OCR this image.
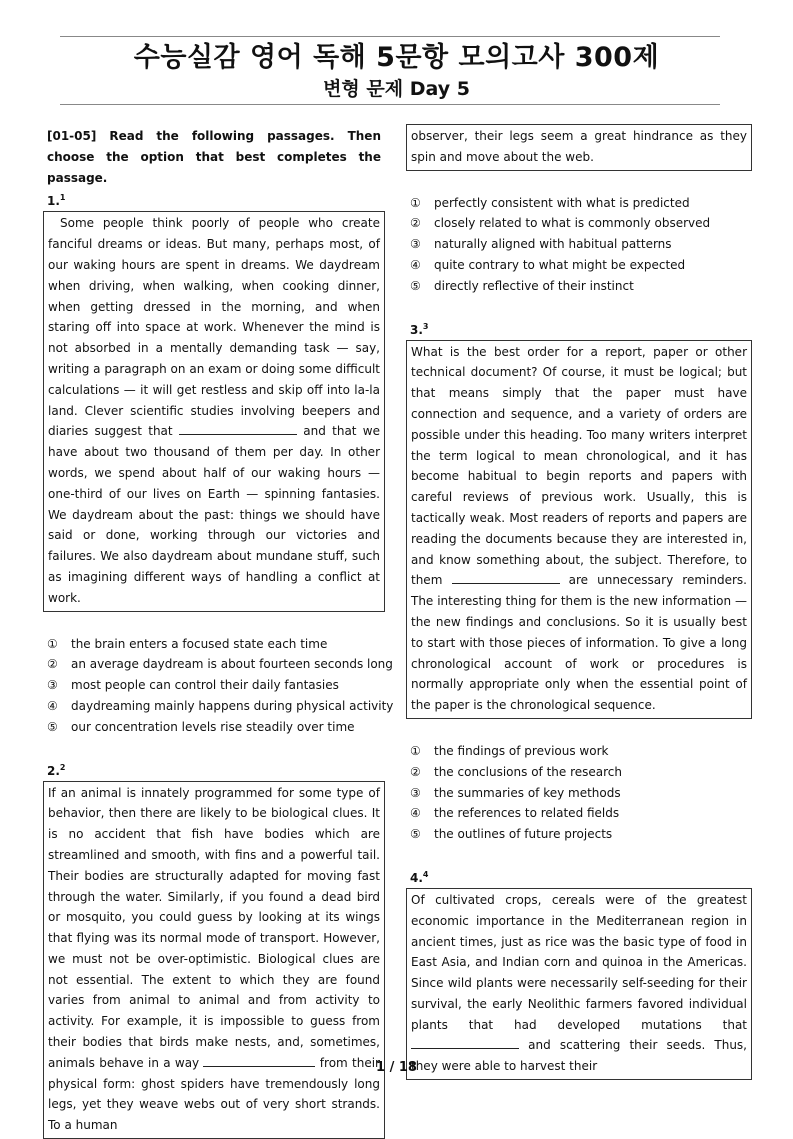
수능실감 영어 독해 5문항 모의고사 300제
변형 문제 Day 5
[01-05] Read the following passages. Then choose the option that best completes the passage.
1.$^1$
Some people think poorly of people who create fanciful dreams or ideas. But many, perhaps most, of our waking hours are spent in dreams. We daydream when driving, when walking, when cooking dinner, when getting dressed in the morning, and when staring off into space at work. Whenever the mind is not absorbed in a mentally demanding task — say, writing a paragraph on an exam or doing some difficult calculations — it will get restless and skip off into la-la land. Clever scientific studies involving beepers and diaries suggest that	and that we have about two thousand of them per day. In other words, we spend about half of our waking hours — one-third of our lives on Earth — spinning fantasies. We daydream about the past: things we should have said or done, working through our victories and failures. We also daydream about mundane stuff, such as imagining different ways of handling a conflict at work.
① the brain enters a focused state each time
② an average daydream is about fourteen seconds long
③ most people can control their daily fantasies
④ daydreaming mainly happens during physical activity
⑤ our concentration levels rise steadily over time
2.$^2$
If an animal is innately programmed for some type of behavior, then there are likely to be biological clues. It is no accident that fish have bodies which are streamlined and smooth, with fins and a powerful tail. Their bodies are structurally adapted for moving fast through the water. Similarly, if you found a dead bird or mosquito, you could guess by looking at its wings that flying was its normal mode of transport. However, we must not be over-optimistic. Biological clues are not essential. The extent to which they are found varies from animal to animal and from activity to activity. For example, it is impossible to guess from their bodies that birds make nests, and, sometimes, animals behave in a way	from their physical form: ghost spiders have tremendously long legs, yet they weave webs out of very short strands. To a human
observer, their legs seem a great hindrance as they spin and move about the web.
① perfectly consistent with what is predicted
② closely related to what is commonly observed
③ naturally aligned with habitual patterns
④ quite contrary to what might be expected
⑤ directly reflective of their instinct
3.$^3$
What is the best order for a report, paper or other technical document? Of course, it must be logical; but that means simply that the paper must have connection and sequence, and a variety of orders are possible under this heading. Too many writers interpret the term logical to mean chronological, and it has become habitual to begin reports and papers with careful reviews of previous work. Usually, this is tactically weak. Most readers of reports and papers are reading the documents because they are interested in, and know something about, the subject. Therefore, to them	are unnecessary reminders. The interesting thing for them is the new information — the new findings and conclusions. So it is usually best to start with those pieces of information. To give a long chronological account of work or procedures is normally appropriate only when the essential point of the paper is the chronological sequence.
① the findings of previous work
② the conclusions of the research
③ the summaries of key methods
④ the references to related fields
⑤ the outlines of future projects
4.$^4$
Of cultivated crops, cereals were of the greatest economic importance in the Mediterranean region in ancient times, just as rice was the basic type of food in East Asia, and Indian corn and quinoa in the Americas. Since wild plants were necessarily self-seeding for their survival, the early Neolithic farmers favored individual plants that had developed mutations that  and scattering their seeds. Thus, they were able to harvest their
1 / 18
